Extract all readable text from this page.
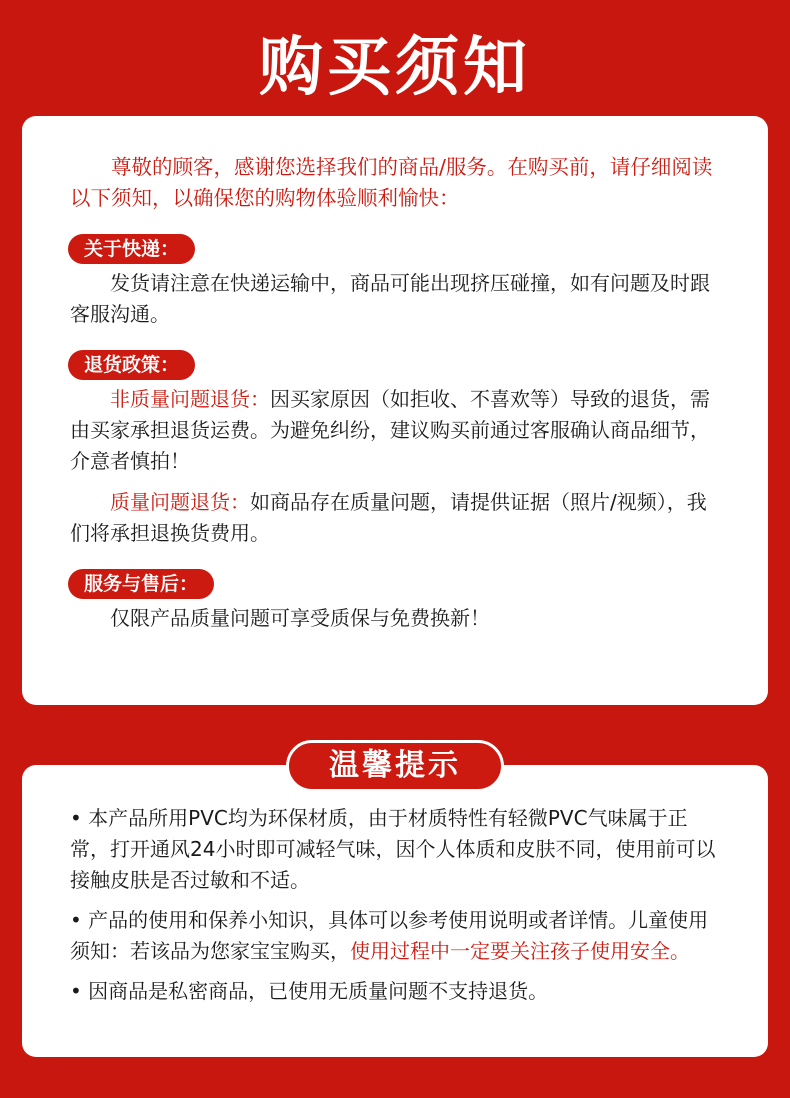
购买须知

尊敬的顾客，感谢您选择我们的商品/服务。在购买前，请仔细阅读以下须知，以确保您的购物体验顺利愉快：

关于快递：

发货请注意在快递运输中，商品可能出现挤压碰撞，如有问题及时跟客服沟通。

退货政策：

非质量问题退货：因买家原因（如拒收、不喜欢等）导致的退货，需由买家承担退货运费。为避免纠纷，建议购买前通过客服确认商品细节，介意者慎拍！

质量问题退货：如商品存在质量问题，请提供证据（照片/视频），我们将承担退换货费用。

服务与售后：

仅限产品质量问题可享受质保与免费换新！

• 本产品所用PVC均为环保材质，由于材质特性有轻微PVC气味属于正常，打开通风24小时即可减轻气味，因个人体质和皮肤不同，使用前可以接触皮肤是否过敏和不适。

• 产品的使用和保养小知识，具体可以参考使用说明或者详情。儿童使用须知：若该品为您家宝宝购买，使用过程中一定要关注孩子使用安全。

• 因商品是私密商品，已使用无质量问题不支持退货。

温馨提示
